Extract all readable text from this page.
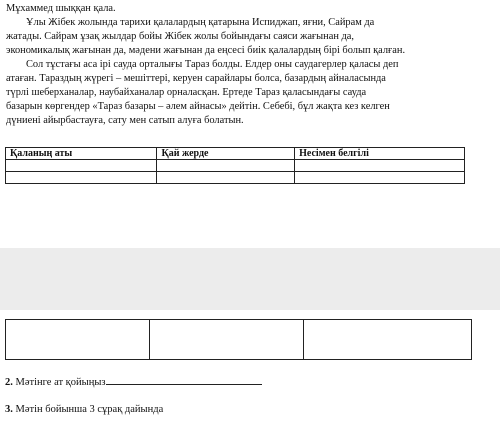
Мұхаммед шыққан қала.
Ұлы Жібек жолында тарихи қалалардың қатарына Испиджап, яғни, Сайрам да
жатады. Сайрам ұзақ жылдар бойы Жібек жолы бойындағы саяси жағынан да,
экономикалық жағынан да, мәдени жағынан да еңсесі биік қалалардың бірі болып қалған.
Сол тұстағы аса ірі сауда орталығы Тараз болды. Елдер оны саудагерлер қаласы деп
атаған. Тараздың жүрегі – мешіттері, керуен сарайлары болса, базардың айналасында
түрлі шеберханалар, наубайханалар орналасқан. Ертеде Тараз қаласындағы сауда
базарын көргендер «Тараз базары – әлем айнасы» дейтін. Себебі, бұл жақта кез келген
дүниені айырбастауға, сату мен сатып алуға болатын.
Қаланың аты	Қай жерде	Несімен белгілі

2. Мәтінге ат қойыңыз
3. Мәтін бойынша 3 сұрақ дайында
